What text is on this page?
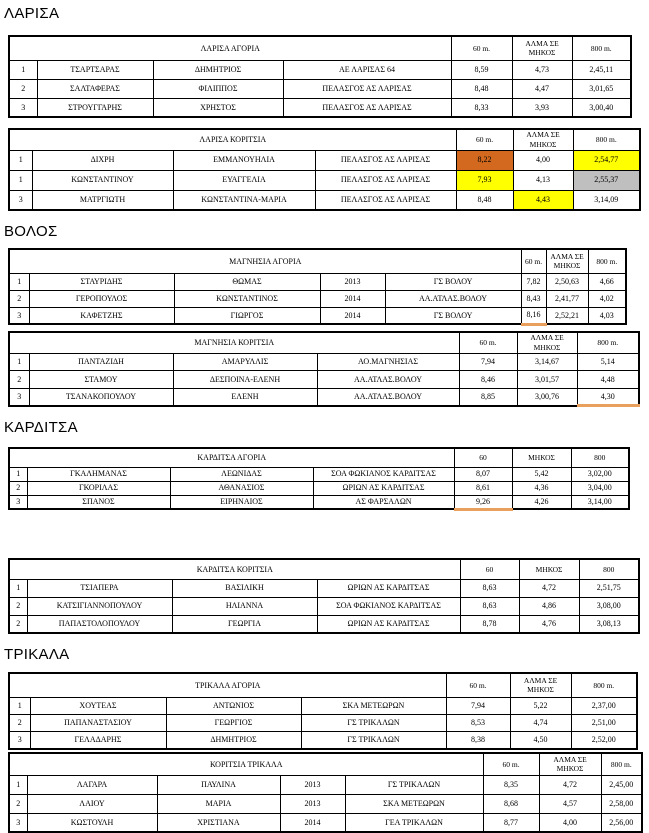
ΛΑΡΙΣΑ
ΛΑΡΙΣΑ ΑΓΟΡΙΑ				60 m.	ΑΛΜΑ ΣΕ ΜΗΚΟΣ	800 m.
1	ΤΣΑΡΤΣΑΡΑΣ	ΔΗΜΗΤΡΙΟΣ	ΑΕ ΛΑΡΙΣΑΣ 64	8,59	4,73	2,45,11
2	ΣΑΛΤΑΦΕΡΑΣ	ΦΙΛΙΠΠΟΣ	ΠΕΛΑΣΓΟΣ ΑΣ ΛΑΡΙΣΑΣ	8,48	4,47	3,01,65
3	ΣΤΡΟΥΓΓΑΡΗΣ	ΧΡΗΣΤΟΣ	ΠΕΛΑΣΓΟΣ ΑΣ ΛΑΡΙΣΑΣ	8,33	3,93	3,00,40
ΛΑΡΙΣΑ ΚΟΡΙΤΣΙΑ				60 m.	ΑΛΜΑ ΣΕ ΜΗΚΟΣ	800 m.
1	ΔΙΧΡΗ	ΕΜΜΑΝΟΥΗΛΙΑ	ΠΕΛΑΣΓΟΣ ΑΣ ΛΑΡΙΣΑΣ	8,22	4,00	2,54,77
1	ΚΩΝΣΤΑΝΤΙΝΟΥ	ΕΥΑΓΓΕΛΙΑ	ΠΕΛΑΣΓΟΣ ΑΣ ΛΑΡΙΣΑΣ	7,93	4,13	2,55,37
3	ΜΑΤΡΓΙΩΤΗ	ΚΩΝΣΤΑΝΤΙΝΑ-ΜΑΡΙΑ	ΠΕΛΑΣΓΟΣ ΑΣ ΛΑΡΙΣΑΣ	8,48	4,43	3,14,09
ΒΟΛΟΣ
ΜΑΓΝΗΣΙΑ ΑΓΟΡΙΑ					60 m.	ΑΛΜΑ ΣΕ ΜΗΚΟΣ	800 m.
1	ΣΤΑΥΡΙΔΗΣ	ΘΩΜΑΣ	2013	ΓΣ ΒΟΛΟΥ	7,82	2,50,63	4,66
2	ΓΕΡΟΠΟΥΛΟΣ	ΚΩΝΣΤΑΝΤΙΝΟΣ	2014	ΑΑ.ΑΤΛΑΣ.ΒΟΛΟΥ	8,43	2,41,77	4,02
3	ΚΑΦΕΤΖΗΣ	ΓΙΩΡΓΟΣ	2014	ΓΣ ΒΟΛΟΥ	8,16	2,52,21	4,03
ΜΑΓΝΗΣΙΑ ΚΟΡΙΤΣΙΑ				60 m.	ΑΛΜΑ ΣΕ ΜΗΚΟΣ	800 m.
1	ΠΑΝΤΑΖΙΔΗ	ΑΜΑΡΥΛΛΙΣ	ΑΟ.ΜΑΓΝΗΣΙΑΣ	7,94	3,14,67	5,14
2	ΣΤΑΜΟΥ	ΔΕΣΠΟΙΝΑ-ΕΛΕΝΗ	ΑΑ.ΑΤΛΑΣ.ΒΟΛΟΥ	8,46	3,01,57	4,48
3	ΤΣΑΝΑΚΟΠΟΥΛΟΥ	ΕΛΕΝΗ	ΑΑ.ΑΤΛΑΣ.ΒΟΛΟΥ	8,85	3,00,76	4,30
ΚΑΡΔΙΤΣΑ
ΚΑΡΔΙΤΣΑ ΑΓΟΡΙΑ				60	ΜΗΚΟΣ	800
1	ΓΚΑΛΗΜΑΝΑΣ	ΛΕΩΝΙΔΑΣ	ΣΟΑ ΦΩΚΙΑΝΟΣ ΚΑΡΔΙΤΣΑΣ	8,07	5,42	3,02,00
2	ΓΚΟΡΙΛΑΣ	ΑΘΑΝΑΣΙΟΣ	ΩΡΙΩΝ ΑΣ ΚΑΡΔΙΤΣΑΣ	8,61	4,36	3,04,00
3	ΣΠΑΝΟΣ	ΕΙΡΗΝΑΙΟΣ	ΑΣ ΦΑΡΣΑΛΩΝ	9,26	4,26	3,14,00
ΚΑΡΔΙΤΣΑ ΚΟΡΙΤΣΙΑ				60	ΜΗΚΟΣ	800
1	ΤΣΙΑΠΕΡΑ	ΒΑΣΙΛΙΚΗ	ΩΡΙΩΝ ΑΣ ΚΑΡΔΙΤΣΑΣ	8,63	4,72	2,51,75
2	ΚΑΤΣΙΓΙΑΝΝΟΠΟΥΛΟΥ	ΗΛΙΑΝΝΑ	ΣΟΑ ΦΩΚΙΑΝΟΣ ΚΑΡΔΙΤΣΑΣ	8,63	4,86	3,08,00
2	ΠΑΠΑΣΤΟΛΟΠΟΥΛΟΥ	ΓΕΩΡΓΙΑ	ΩΡΙΩΝ ΑΣ ΚΑΡΔΙΤΣΑΣ	8,78	4,76	3,08,13
ΤΡΙΚΑΛΑ
ΤΡΙΚΑΛΑ ΑΓΟΡΙΑ				60 m.	ΑΛΜΑ ΣΕ ΜΗΚΟΣ	800 m.
1	ΧΟΥΤΕΑΣ	ΑΝΤΩΝΙΟΣ	ΣΚΑ ΜΕΤΕΩΡΩΝ	7,94	5,22	2,37,00
2	ΠΑΠΑΝΑΣΤΑΣΙΟΥ	ΓΕΩΡΓΙΟΣ	ΓΣ ΤΡΙΚΑΛΩΝ	8,53	4,74	2,51,00
3	ΓΕΛΑΔΑΡΗΣ	ΔΗΜΗΤΡΙΟΣ	ΓΣ ΤΡΙΚΑΛΩΝ	8,38	4,50	2,52,00
ΚΟΡΙΤΣΙΑ ΤΡΙΚΑΛΑ					60 m.	ΑΛΜΑ ΣΕ ΜΗΚΟΣ	800 m.
1	ΛΑΓΑΡΑ	ΠΑΥΛΙΝΑ	2013	ΓΣ ΤΡΙΚΑΛΩΝ	8,35	4,72	2,45,00
2	ΛΑΙΟΥ	ΜΑΡΙΑ	2013	ΣΚΑ ΜΕΤΕΩΡΩΝ	8,68	4,57	2,58,00
3	ΚΩΣΤΟΥΛΗ	ΧΡΙΣΤΙΑΝΑ	2014	ΓΕΑ ΤΡΙΚΑΛΩΝ	8,77	4,00	2,56,00
